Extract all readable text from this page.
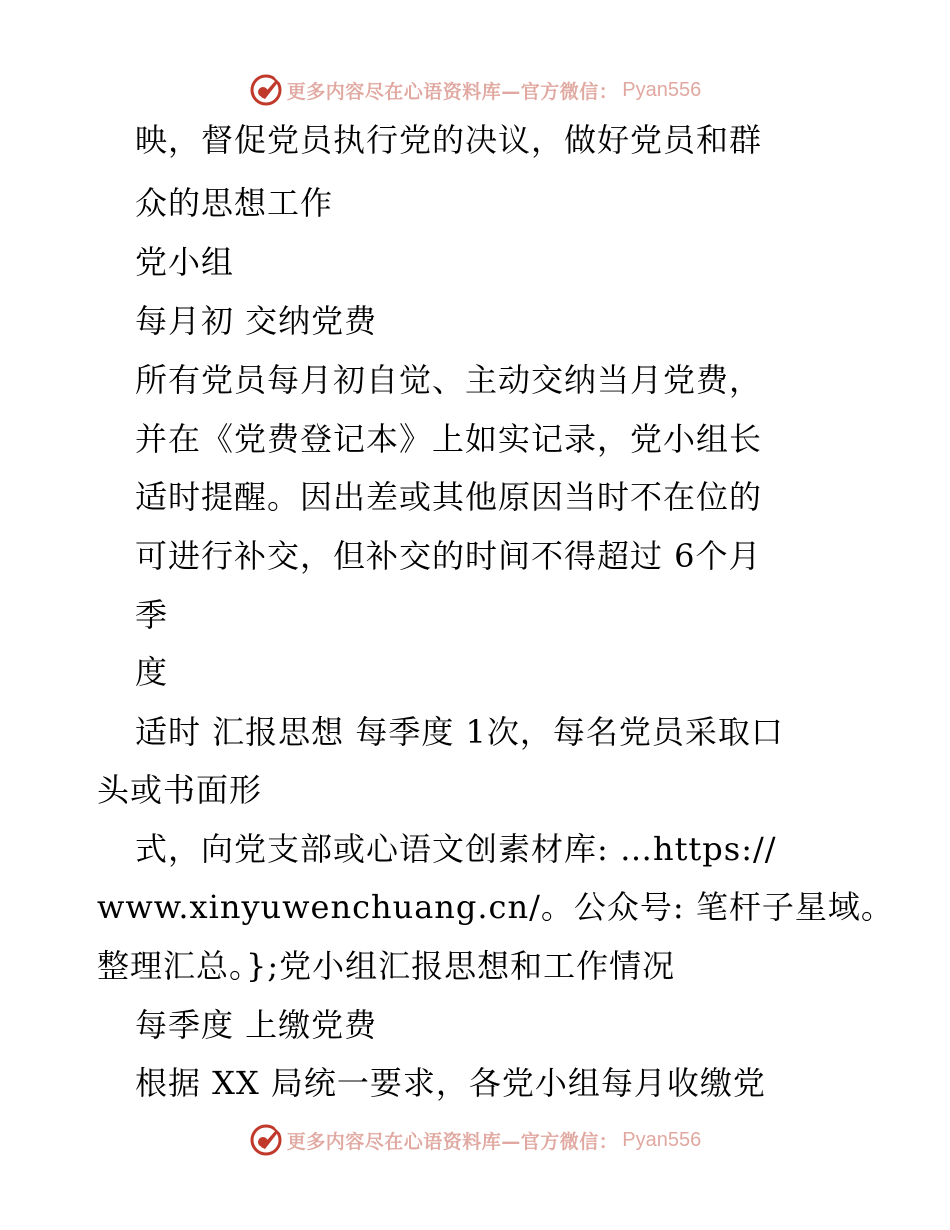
更多内容尽在心语资料库—官方微信： Pyan556
映，督促党员执行党的决议，做好党员和群
众的思想工作
党小组
每月初 交纳党费
所有党员每月初自觉、主动交纳当月党费，
并在《党费登记本》上如实记录，党小组长
适时提醒。因出差或其他原因当时不在位的
可进行补交，但补交的时间不得超过 6个月
季
度
适时 汇报思想 每季度 1次，每名党员采取口
头或书面形
式，向党支部或心语文创素材库: …https://
www.xinyuwenchuang.cn/。公众号: 笔杆子星域。
整理汇总。};党小组汇报思想和工作情况
每季度 上缴党费
根据 XX 局统一要求，各党小组每月收缴党
更多内容尽在心语资料库—官方微信： Pyan556
